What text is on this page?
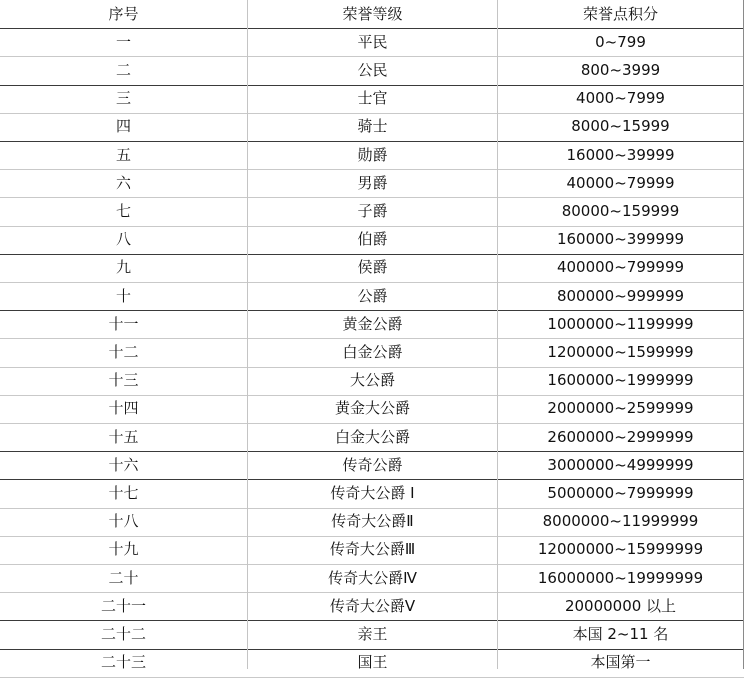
序号	荣誉等级	荣誉点积分
一	平民	0~799
二	公民	800~3999
三	士官	4000~7999
四	骑士	8000~15999
五	勋爵	16000~39999
六	男爵	40000~79999
七	子爵	80000~159999
八	伯爵	160000~399999
九	侯爵	400000~799999
十	公爵	800000~999999
十一	黄金公爵	1000000~1199999
十二	白金公爵	1200000~1599999
十三	大公爵	1600000~1999999
十四	黄金大公爵	2000000~2599999
十五	白金大公爵	2600000~2999999
十六	传奇公爵	3000000~4999999
十七	传奇大公爵 Ⅰ	5000000~7999999
十八	传奇大公爵Ⅱ	8000000~11999999
十九	传奇大公爵Ⅲ	12000000~15999999
二十	传奇大公爵Ⅳ	16000000~19999999
二十一	传奇大公爵Ⅴ	20000000 以上
二十二	亲王	本国 2~11 名
二十三	国王	本国第一
